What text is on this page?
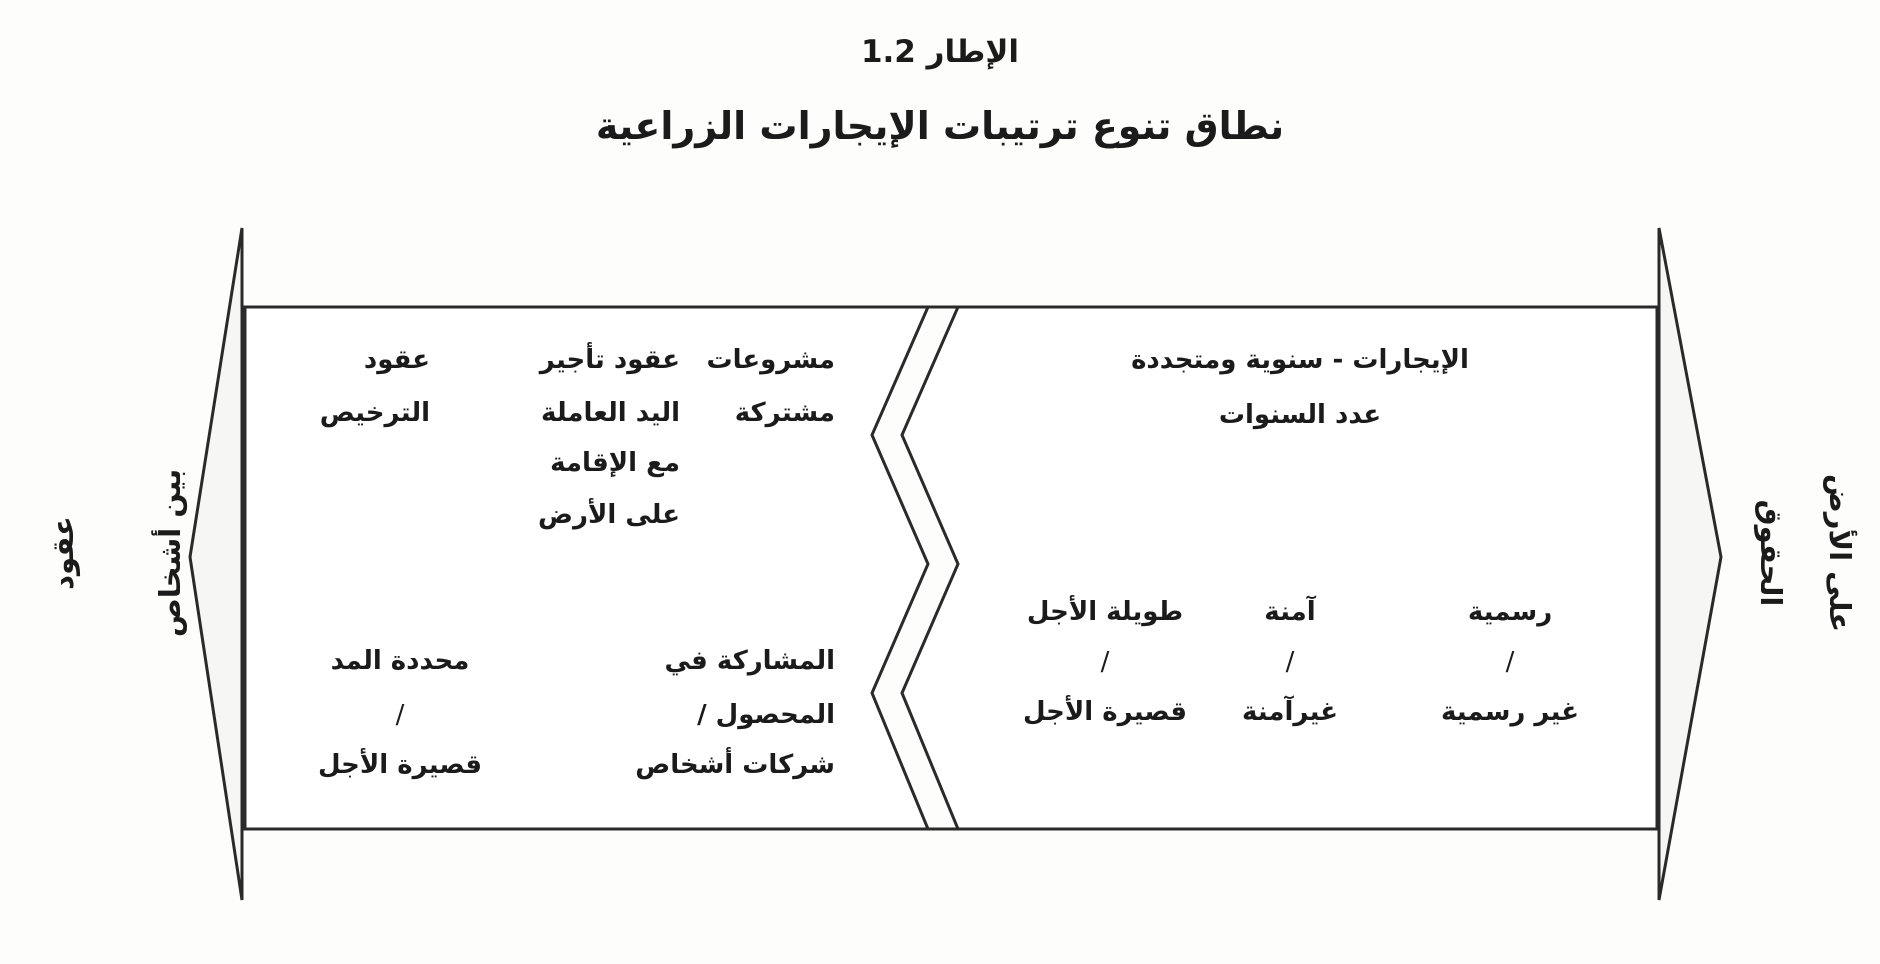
الإطار 1.2
نطاق تنوع ترتيبات الإيجارات الزراعية
عقود	بين أشخاص	الحقوق على الأرض
الإيجارات - سنوية ومتجددة
عدد السنوات
رسمية
/
غير رسمية
آمنة
/
غيرآمنة
طويلة الأجل
/
قصيرة الأجل
مشروعات
مشتركة
عقود تأجير
اليد العاملة
مع الإقامة
على الأرض
عقود
الترخيص
المشاركة في
المحصول /
شركات أشخاص
محددة المد
/
قصيرة الأجل
